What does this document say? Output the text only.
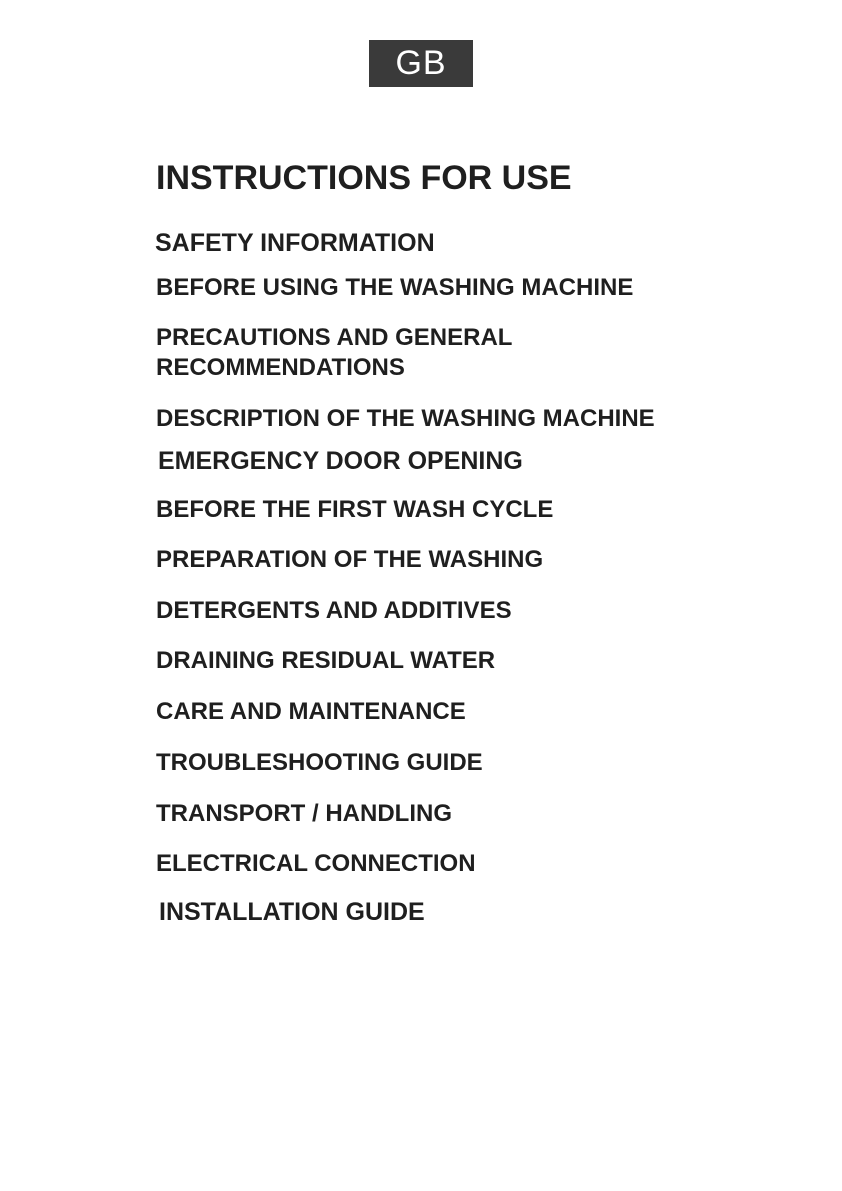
GB
INSTRUCTIONS FOR USE
SAFETY INFORMATION
BEFORE USING THE WASHING MACHINE
PRECAUTIONS AND GENERAL RECOMMENDATIONS
DESCRIPTION OF THE WASHING MACHINE
EMERGENCY DOOR OPENING
BEFORE THE FIRST WASH CYCLE
PREPARATION OF THE WASHING
DETERGENTS AND ADDITIVES
DRAINING RESIDUAL WATER
CARE AND MAINTENANCE
TROUBLESHOOTING GUIDE
TRANSPORT / HANDLING
ELECTRICAL CONNECTION
INSTALLATION GUIDE
